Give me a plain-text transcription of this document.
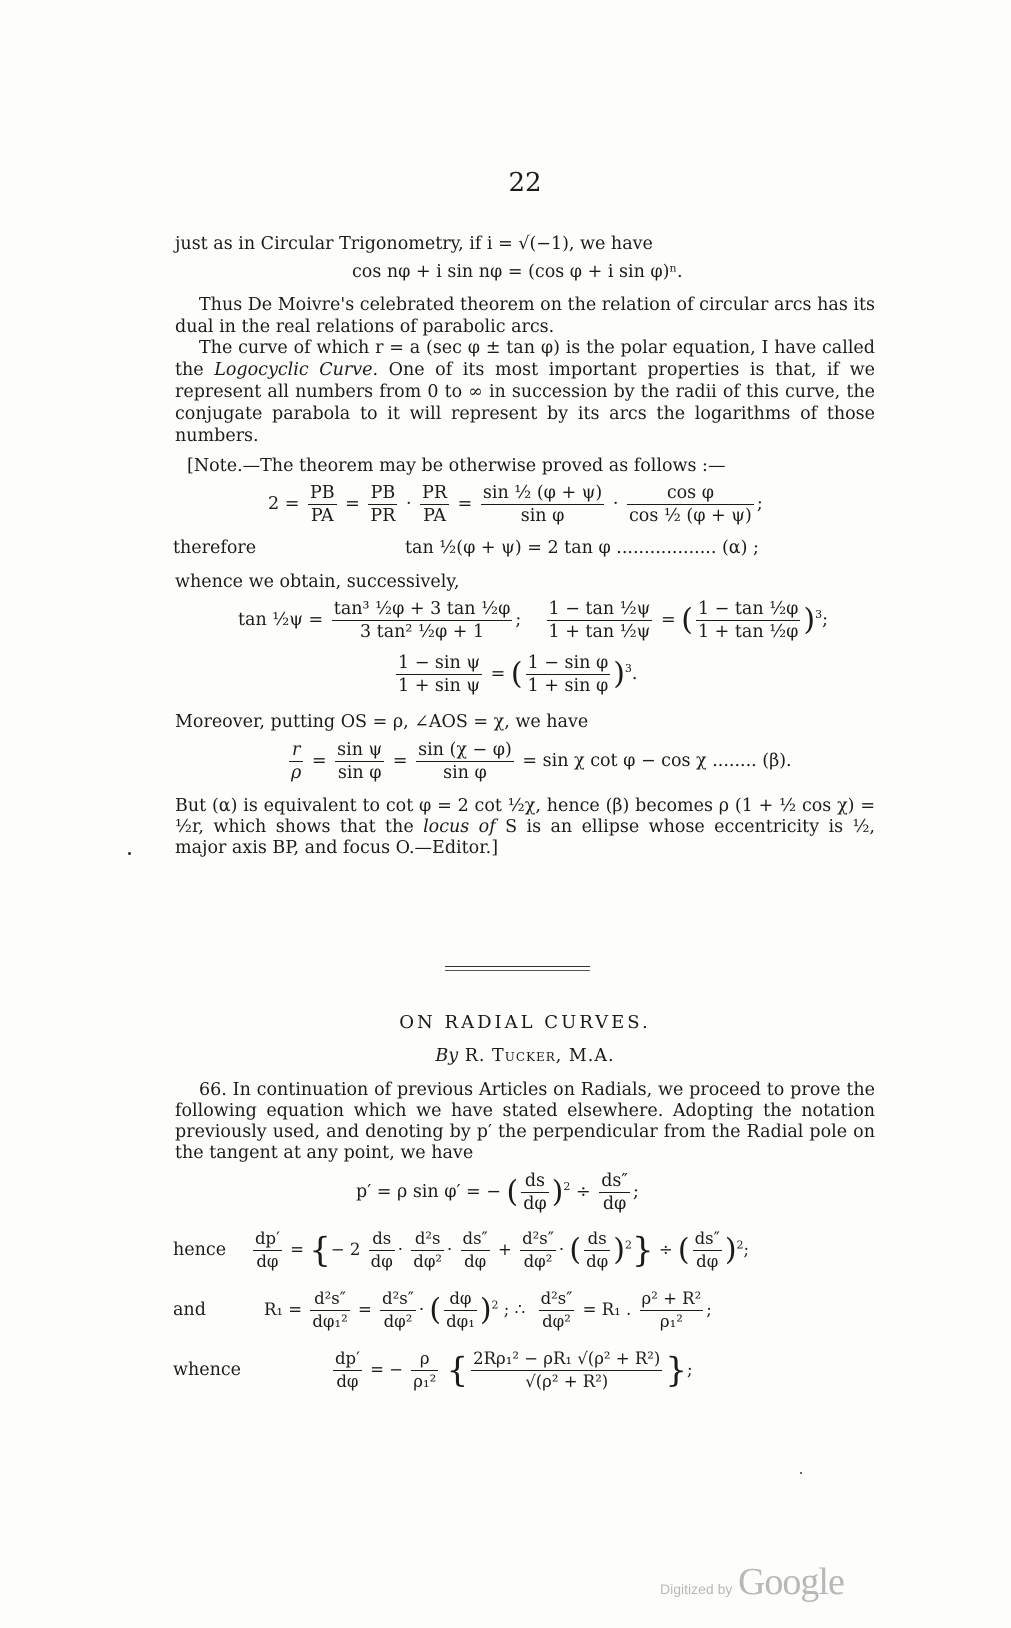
22
just as in Circular Trigonometry, if i = √(−1), we have
cos nφ + i sin nφ = (cos φ + i sin φ)ⁿ.
Thus De Moivre's celebrated theorem on the relation of circular arcs has its dual in the real relations of parabolic arcs.
The curve of which r = a (sec φ ± tan φ) is the polar equation, I have called the Logocyclic Curve. One of its most important properties is that, if we represent all numbers from 0 to ∞ in succession by the radii of this curve, the conjugate parabola to it will represent by its arcs the logarithms of those numbers.
[Note.—The theorem may be otherwise proved as follows :—
$2 = \frac{PB}{PA} = \frac{PB}{PR} \cdot \frac{PR}{PA} = \frac{\text{sin ½ (φ + ψ)}}{\text{sin φ}} \cdot \frac{\text{cos φ}}{\text{cos ½ (φ + ψ)}}$ ;
therefore	tan ½(φ + ψ) = 2 tan φ .................. (α) ;
whence we obtain, successively,
tan ½ψ = $\frac{\text{tan³ ½φ + 3 tan ½φ}}{\text{3 tan² ½φ + 1}}$ ; $\frac{\text{1 − tan ½ψ}}{\text{1 + tan ½ψ}}$ = ( $\frac{\text{1 − tan ½φ}}{\text{1 + tan ½φ}} )^3$;
$\frac{\text{1 − sin ψ}}{\text{1 + sin ψ}}$ = ( $\frac{\text{1 − sin φ}}{\text{1 + sin φ}} )^3$.
Moreover, putting OS = ρ, ∠AOS = χ, we have
$\frac{r}{\rho} = \frac{\text{sin ψ}}{\text{sin φ}} = \frac{\sin (\chi - \varphi)}{\text{sin φ}} = \sin \chi$ cot φ − cos χ ........ (β).
But (α) is equivalent to cot φ = 2 cot ½χ, hence (β) becomes ρ (1 + ½ cos χ) = ½r, which shows that the locus of S is an ellipse whose eccentricity is ½, major axis BP, and focus O.—Editor.]
ON RADIAL CURVES.
By R. Tucker, M.A.
66. In continuation of previous Articles on Radials, we proceed to prove the following equation which we have stated elsewhere. Adopting the notation previously used, and denoting by p′ the perpendicular from the Radial pole on the tangent at any point, we have
p′ = ρ sin φ′ = − ( $\frac{ds}{d\varphi} )^2 \div \frac{ds''}{d\varphi}$ ;
hence $\frac{dp'}{d\varphi}$ = {− $2 \frac{ds}{d\varphi} \cdot \frac{\text{d²s}}{\text{dφ²}} \cdot \frac{ds''}{d\varphi} + \frac{\text{d²s″}}{\text{dφ²}}$ · ( $\frac{ds}{d\varphi} )^2$} ÷ ( $\frac{ds''}{d\varphi} )^2$;
and	$R_1 = \frac{\text{d²s″}}{\text{dφ₁²}} = \frac{\text{d²s″}}{\text{dφ²}}$ · ( $\frac{d\varphi}{\text{dφ₁}} )^2$ ; ∴ $\frac{\text{d²s″}}{\text{dφ²}} = R_1$ . $\frac{\text{ρ² + R²}}{\text{ρ₁²}}$ ;
whence	$\frac{dp'}{d\varphi}$ = − $\frac{\rho}{\text{ρ₁²}}$ { $\frac{\text{2Rρ₁² − ρR₁ √(ρ² + R²)}}{\text{√(ρ² + R²)}}$ };
Digitized by Google
